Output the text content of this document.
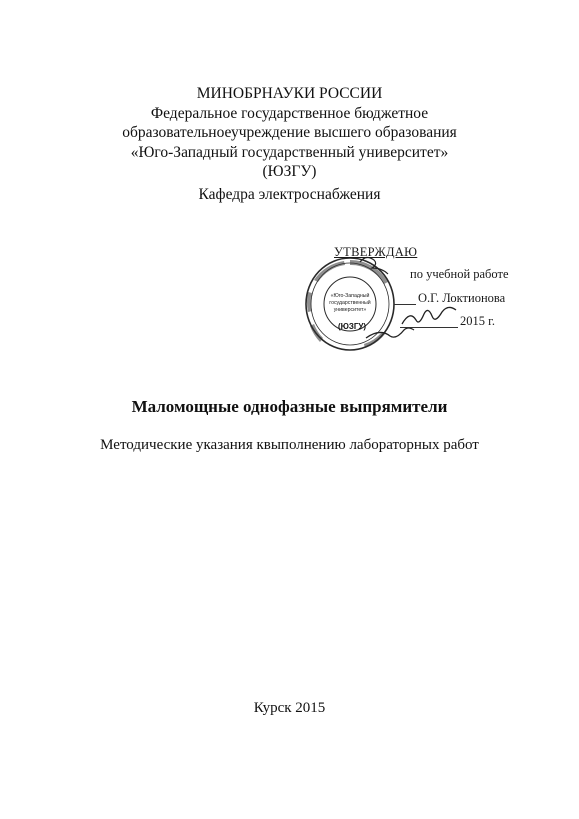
МИНОБРНАУКИ РОССИИ
Федеральное государственное бюджетное
образовательноеучреждение высшего образования
«Юго-Западный государственный университет»
(ЮЗГУ)
Кафедра электроснабжения
«Юго-Западный
государственный
университет»
(ЮЗГУ)
УТВЕРЖДАЮ
по учебной работе
О.Г. Локтионова
2015 г.
Маломощные однофазные выпрямители
Методические указания квыполнению лабораторных работ
Курск 2015
